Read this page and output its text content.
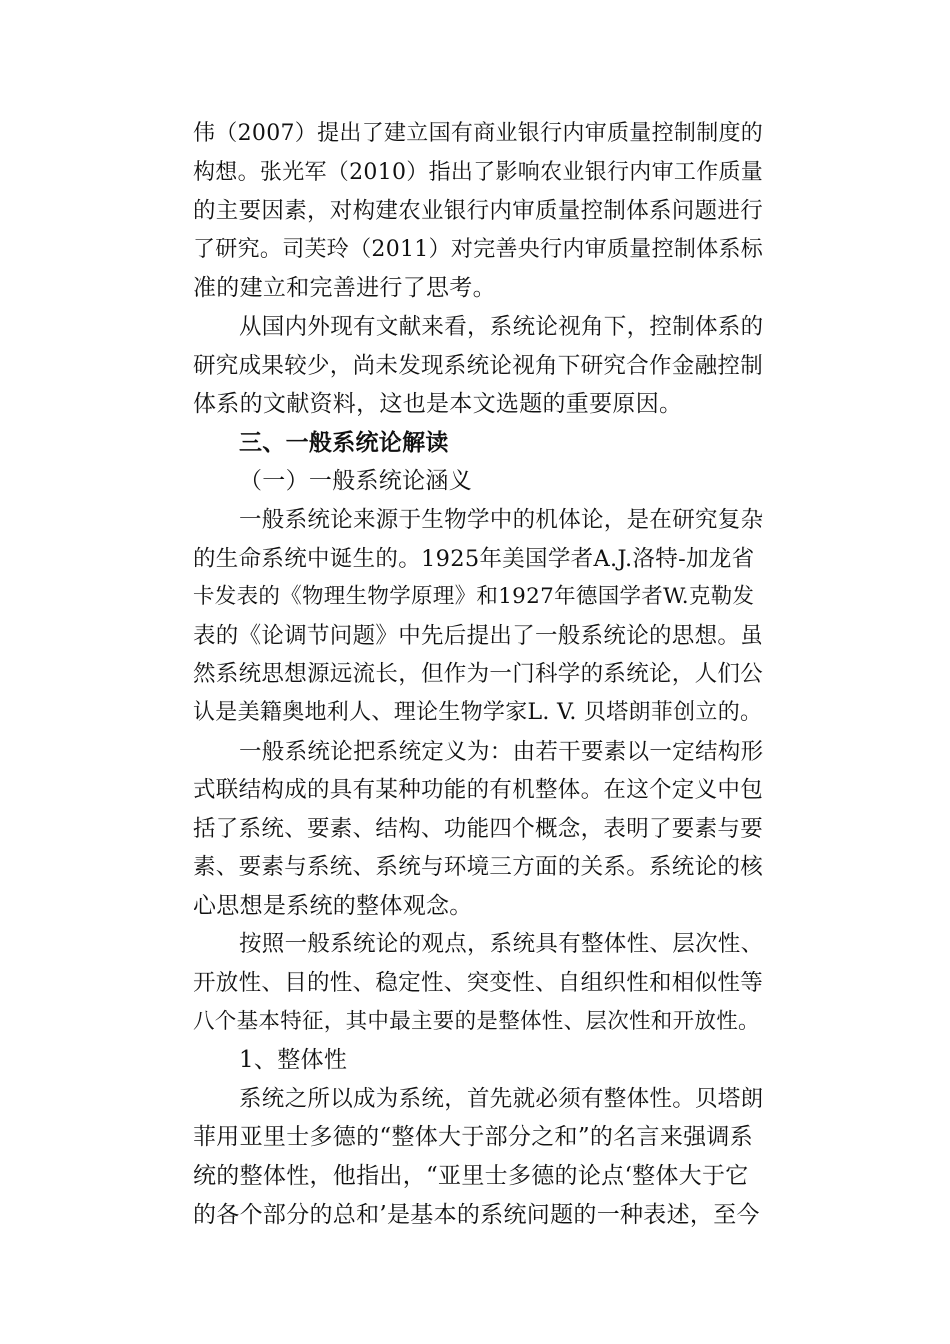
伟（2007）提出了建立国有商业银行内审质量控制制度的
构想。张光军（2010）指出了影响农业银行内审工作质量
的主要因素，对构建农业银行内审质量控制体系问题进行
了研究。司芙玲（2011）对完善央行内审质量控制体系标
准的建立和完善进行了思考。
从国内外现有文献来看，系统论视角下，控制体系的
研究成果较少，尚未发现系统论视角下研究合作金融控制
体系的文献资料，这也是本文选题的重要原因。
三、一般系统论解读
（一）一般系统论涵义
一般系统论来源于生物学中的机体论，是在研究复杂
的生命系统中诞生的。1925年美国学者A.J.洛特-加龙省
卡发表的《物理生物学原理》和1927年德国学者W.克勒发
表的《论调节问题》中先后提出了一般系统论的思想。虽
然系统思想源远流长，但作为一门科学的系统论，人们公
认是美籍奥地利人、理论生物学家L. V. 贝塔朗菲创立的。
一般系统论把系统定义为：由若干要素以一定结构形
式联结构成的具有某种功能的有机整体。在这个定义中包
括了系统、要素、结构、功能四个概念，表明了要素与要
素、要素与系统、系统与环境三方面的关系。系统论的核
心思想是系统的整体观念。
按照一般系统论的观点，系统具有整体性、层次性、
开放性、目的性、稳定性、突变性、自组织性和相似性等
八个基本特征，其中最主要的是整体性、层次性和开放性。
1、整体性
系统之所以成为系统，首先就必须有整体性。贝塔朗
菲用亚里士多德的“整体大于部分之和”的名言来强调系
统的整体性，他指出，“亚里士多德的论点‘整体大于它
的各个部分的总和’是基本的系统问题的一种表述，至今
